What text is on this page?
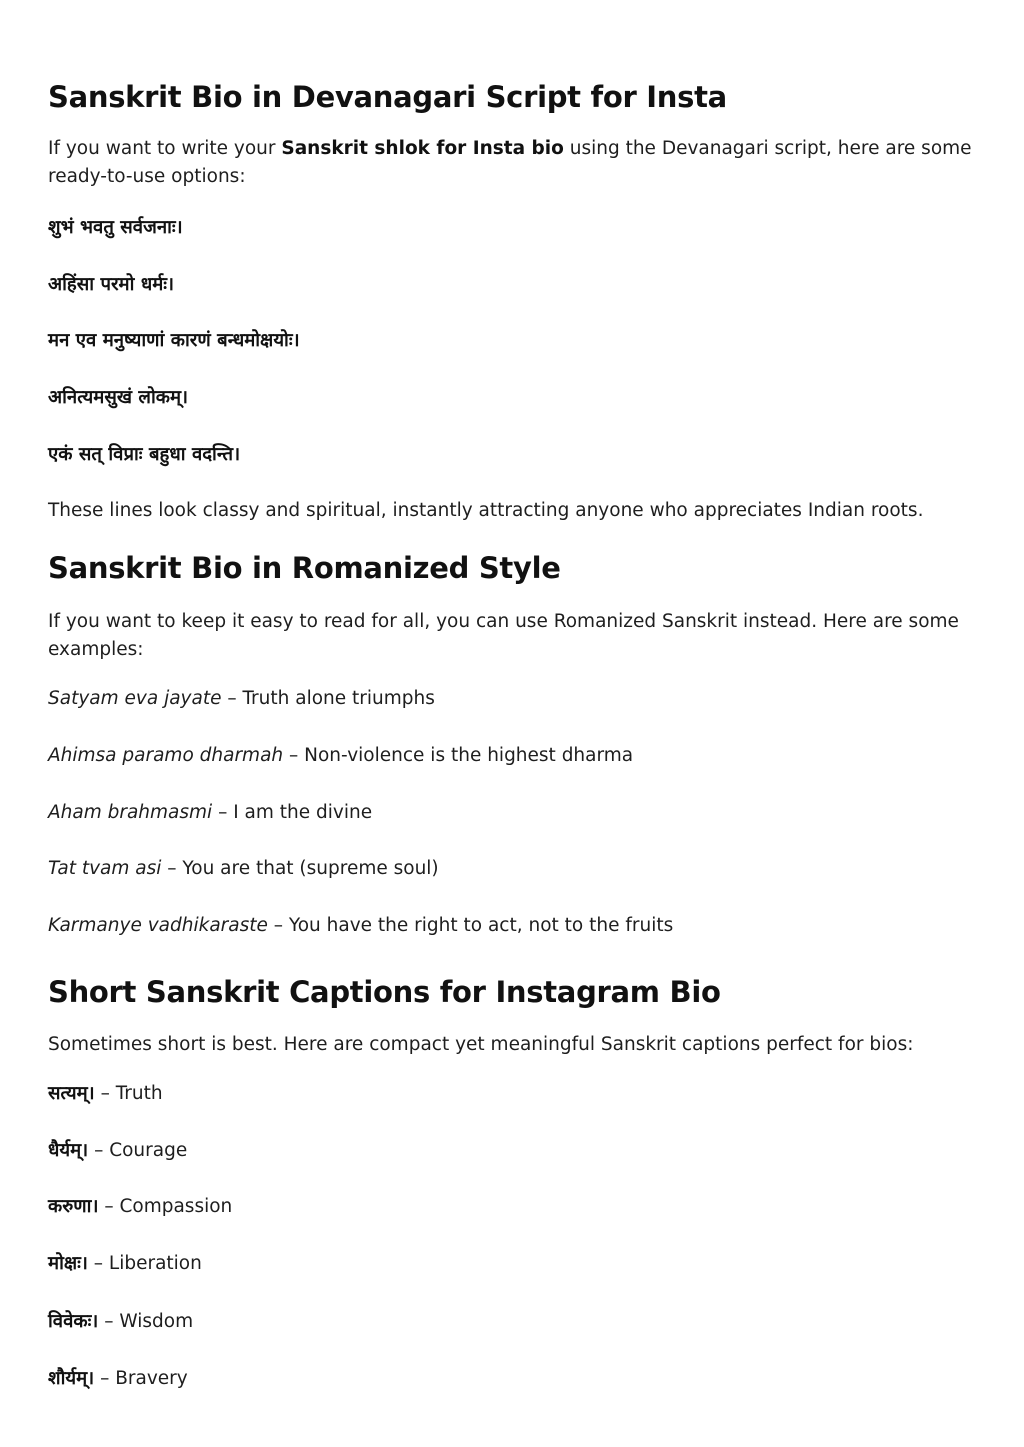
Sanskrit Bio in Devanagari Script for Insta

If you want to write your Sanskrit shlok for Insta bio using the Devanagari script, here are some ready-to-use options:

शुभं भवतु सर्वजनाः।
अहिंसा परमो धर्मः।
मन एव मनुष्याणां कारणं बन्धमोक्षयोः।
अनित्यमसुखं लोकम्।
एकं सत् विप्राः बहुधा वदन्ति।

These lines look classy and spiritual, instantly attracting anyone who appreciates Indian roots.

Sanskrit Bio in Romanized Style

If you want to keep it easy to read for all, you can use Romanized Sanskrit instead. Here are some examples:

Satyam eva jayate – Truth alone triumphs
Ahimsa paramo dharmah – Non-violence is the highest dharma
Aham brahmasmi – I am the divine
Tat tvam asi – You are that (supreme soul)
Karmanye vadhikaraste – You have the right to act, not to the fruits
Short Sanskrit Captions for Instagram Bio

Sometimes short is best. Here are compact yet meaningful Sanskrit captions perfect for bios:

सत्यम्। – Truth
धैर्यम्। – Courage
करुणा। – Compassion
मोक्षः। – Liberation
विवेकः। – Wisdom
शौर्यम्। – Bravery
